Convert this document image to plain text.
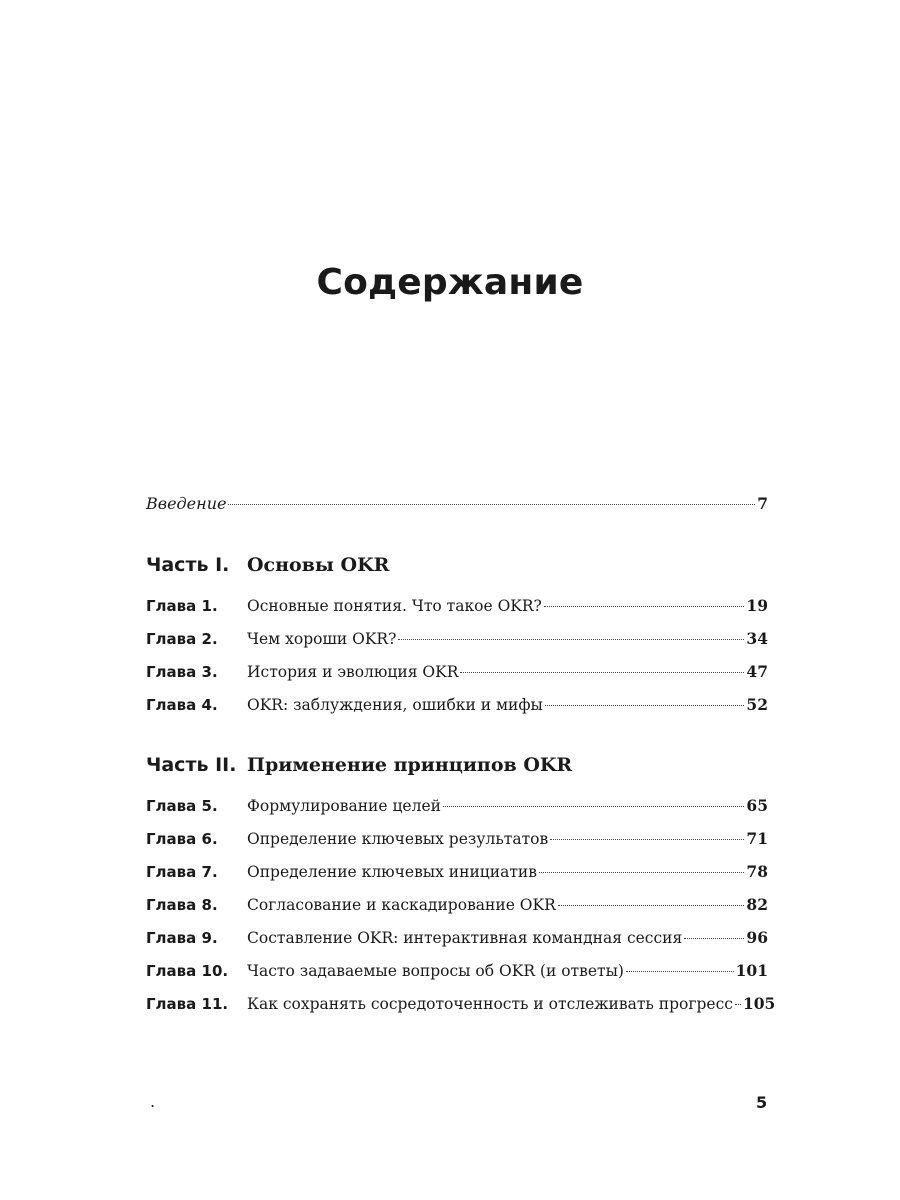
Содержание
Введение	7
Часть I. Основы OKR
Глава 1.	Основные понятия. Что такое OKR?	19
Глава 2.	Чем хороши OKR?	34
Глава 3.	История и эволюция OKR	47
Глава 4.	OKR: заблуждения, ошибки и мифы	52
Часть II. Применение принципов OKR
Глава 5.	Формулирование целей	65
Глава 6.	Определение ключевых результатов	71
Глава 7.	Определение ключевых инициатив	78
Глава 8.	Согласование и каскадирование OKR	82
Глава 9.	Составление OKR: интерактивная командная сессия	96
Глава 10.	Часто задаваемые вопросы об OKR (и ответы)	101
Глава 11.	Как сохранять сосредоточенность и отслеживать прогресс 105
.	5
